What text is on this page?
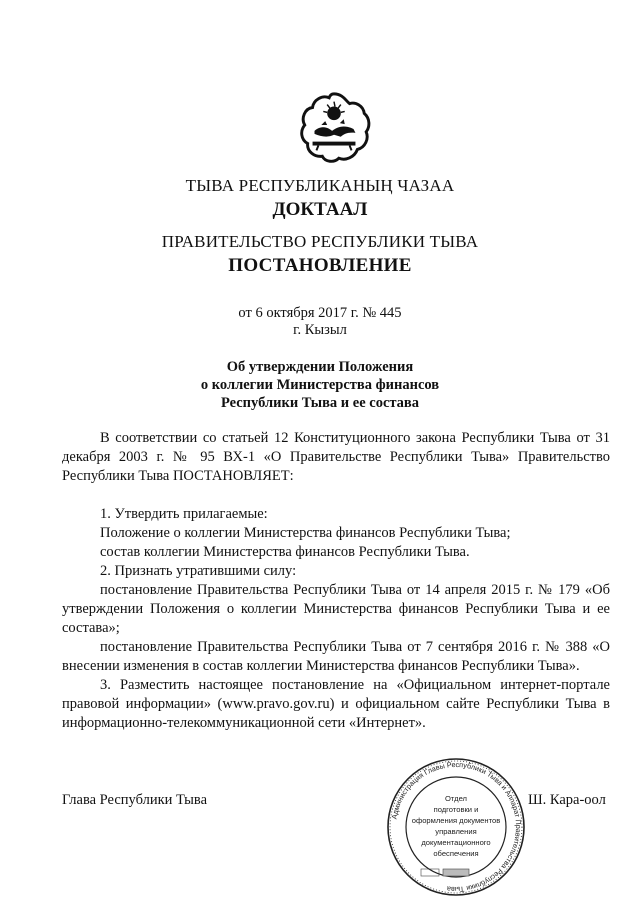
ТЫВА РЕСПУБЛИКАНЫҢ ЧАЗАА
ДОКТААЛ
ПРАВИТЕЛЬСТВО РЕСПУБЛИКИ ТЫВА
ПОСТАНОВЛЕНИЕ
от 6 октября 2017 г. № 445
г. Кызыл
Об утверждении Положения
о коллегии Министерства финансов
Республики Тыва и ее состава

В соответствии со статьей 12 Конституционного закона Республики Тыва от 31 декабря 2003 г. № 95 ВХ-1 «О Правительстве Республики Тыва» Правительство Республики Тыва ПОСТАНОВЛЯЕТ:

1. Утвердить прилагаемые:

Положение о коллегии Министерства финансов Республики Тыва;

состав коллегии Министерства финансов Республики Тыва.

2. Признать утратившими силу:

постановление Правительства Республики Тыва от 14 апреля 2015 г. № 179 «Об утверждении Положения о коллегии Министерства финансов Республики Тыва и ее состава»;

постановление Правительства Республики Тыва от 7 сентября 2016 г. № 388 «О внесении изменения в состав коллегии Министерства финансов Республики Тыва».

3. Разместить настоящее постановление на «Официальном интернет-портале правовой информации» (www.pravo.gov.ru) и официальном сайте Республики Тыва в информационно-телекоммуникационной сети «Интернет».

Глава Республики Тыва	Ш. Кара-оол
Администрация Главы Республики Тыва и Аппарат Правительства Республики Тыва
Отдел
подготовки и
оформления документов
управления
документационного
обеспечения
